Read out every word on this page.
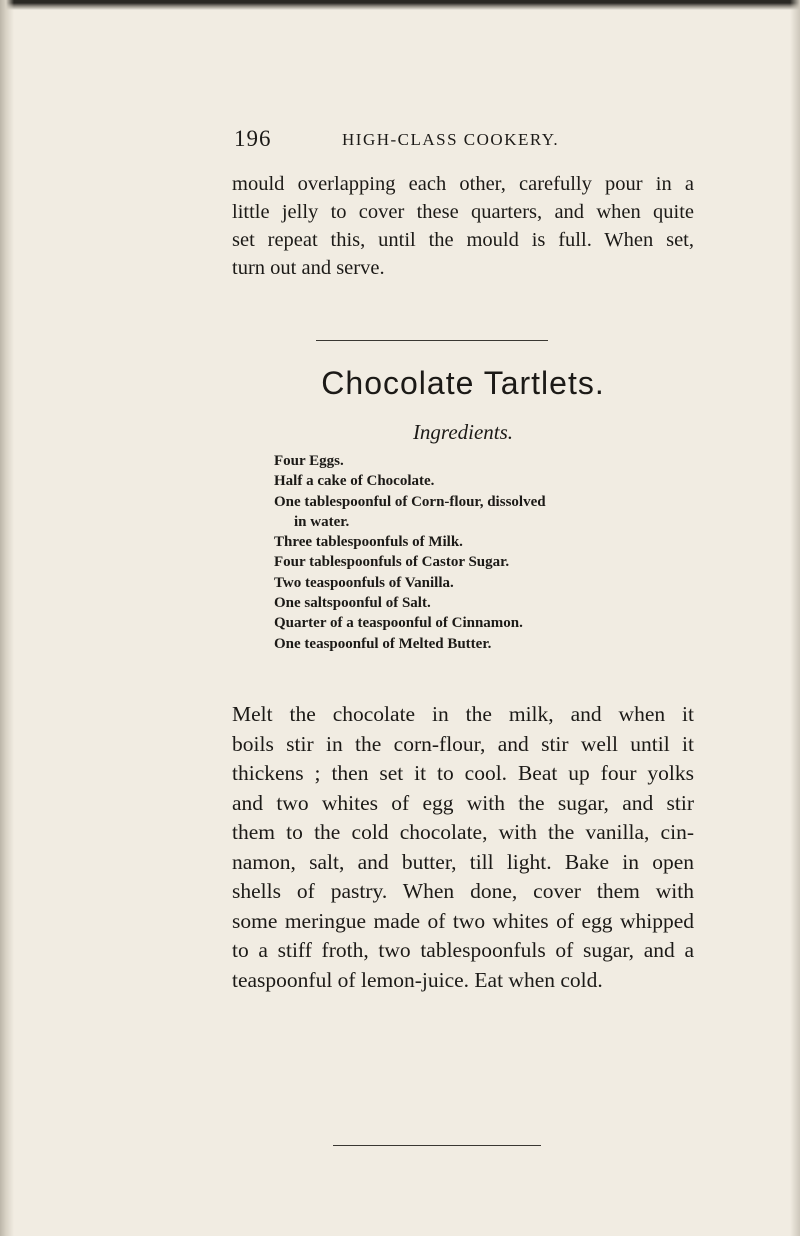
196	HIGH-CLASS COOKERY.
mould overlapping each other, carefully pour in a
little jelly to cover these quarters, and when quite
set repeat this, until the mould is full. When set,
turn out and serve.
Chocolate Tartlets.
Ingredients.
Four Eggs.
Half a cake of Chocolate.
One tablespoonful of Corn-flour, dissolved
in water.
Three tablespoonfuls of Milk.
Four tablespoonfuls of Castor Sugar.
Two teaspoonfuls of Vanilla.
One saltspoonful of Salt.
Quarter of a teaspoonful of Cinnamon.
One teaspoonful of Melted Butter.
Melt the chocolate in the milk, and when it
boils stir in the corn-flour, and stir well until it
thickens ; then set it to cool. Beat up four yolks
and two whites of egg with the sugar, and stir
them to the cold chocolate, with the vanilla, cin-
namon, salt, and butter, till light. Bake in open
shells of pastry. When done, cover them with
some meringue made of two whites of egg whipped
to a stiff froth, two tablespoonfuls of sugar, and a
teaspoonful of lemon-juice. Eat when cold.
